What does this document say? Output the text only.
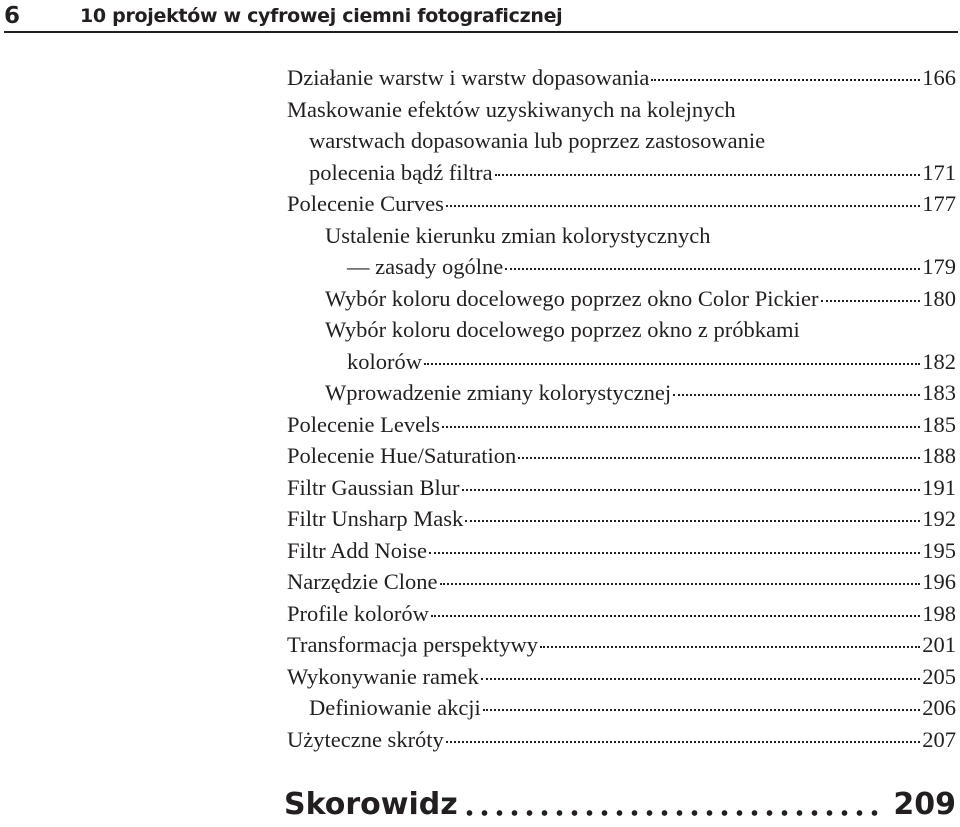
6	10 projektów w cyfrowej ciemni fotograficznej
Działanie warstw i warstw dopasowania	166
Maskowanie efektów uzyskiwanych na kolejnych
warstwach dopasowania lub poprzez zastosowanie
polecenia bądź filtra	171
Polecenie Curves	177
Ustalenie kierunku zmian kolorystycznych
— zasady ogólne	179
Wybór koloru docelowego poprzez okno Color Pickier	180
Wybór koloru docelowego poprzez okno z próbkami
kolorów	182
Wprowadzenie zmiany kolorystycznej	183
Polecenie Levels	185
Polecenie Hue/Saturation	188
Filtr Gaussian Blur	191
Filtr Unsharp Mask	192
Filtr Add Noise	195
Narzędzie Clone	196
Profile kolorów	198
Transformacja perspektywy	201
Wykonywanie ramek	205
Definiowanie akcji	206
Użyteczne skróty	207
Skorowidz	209
